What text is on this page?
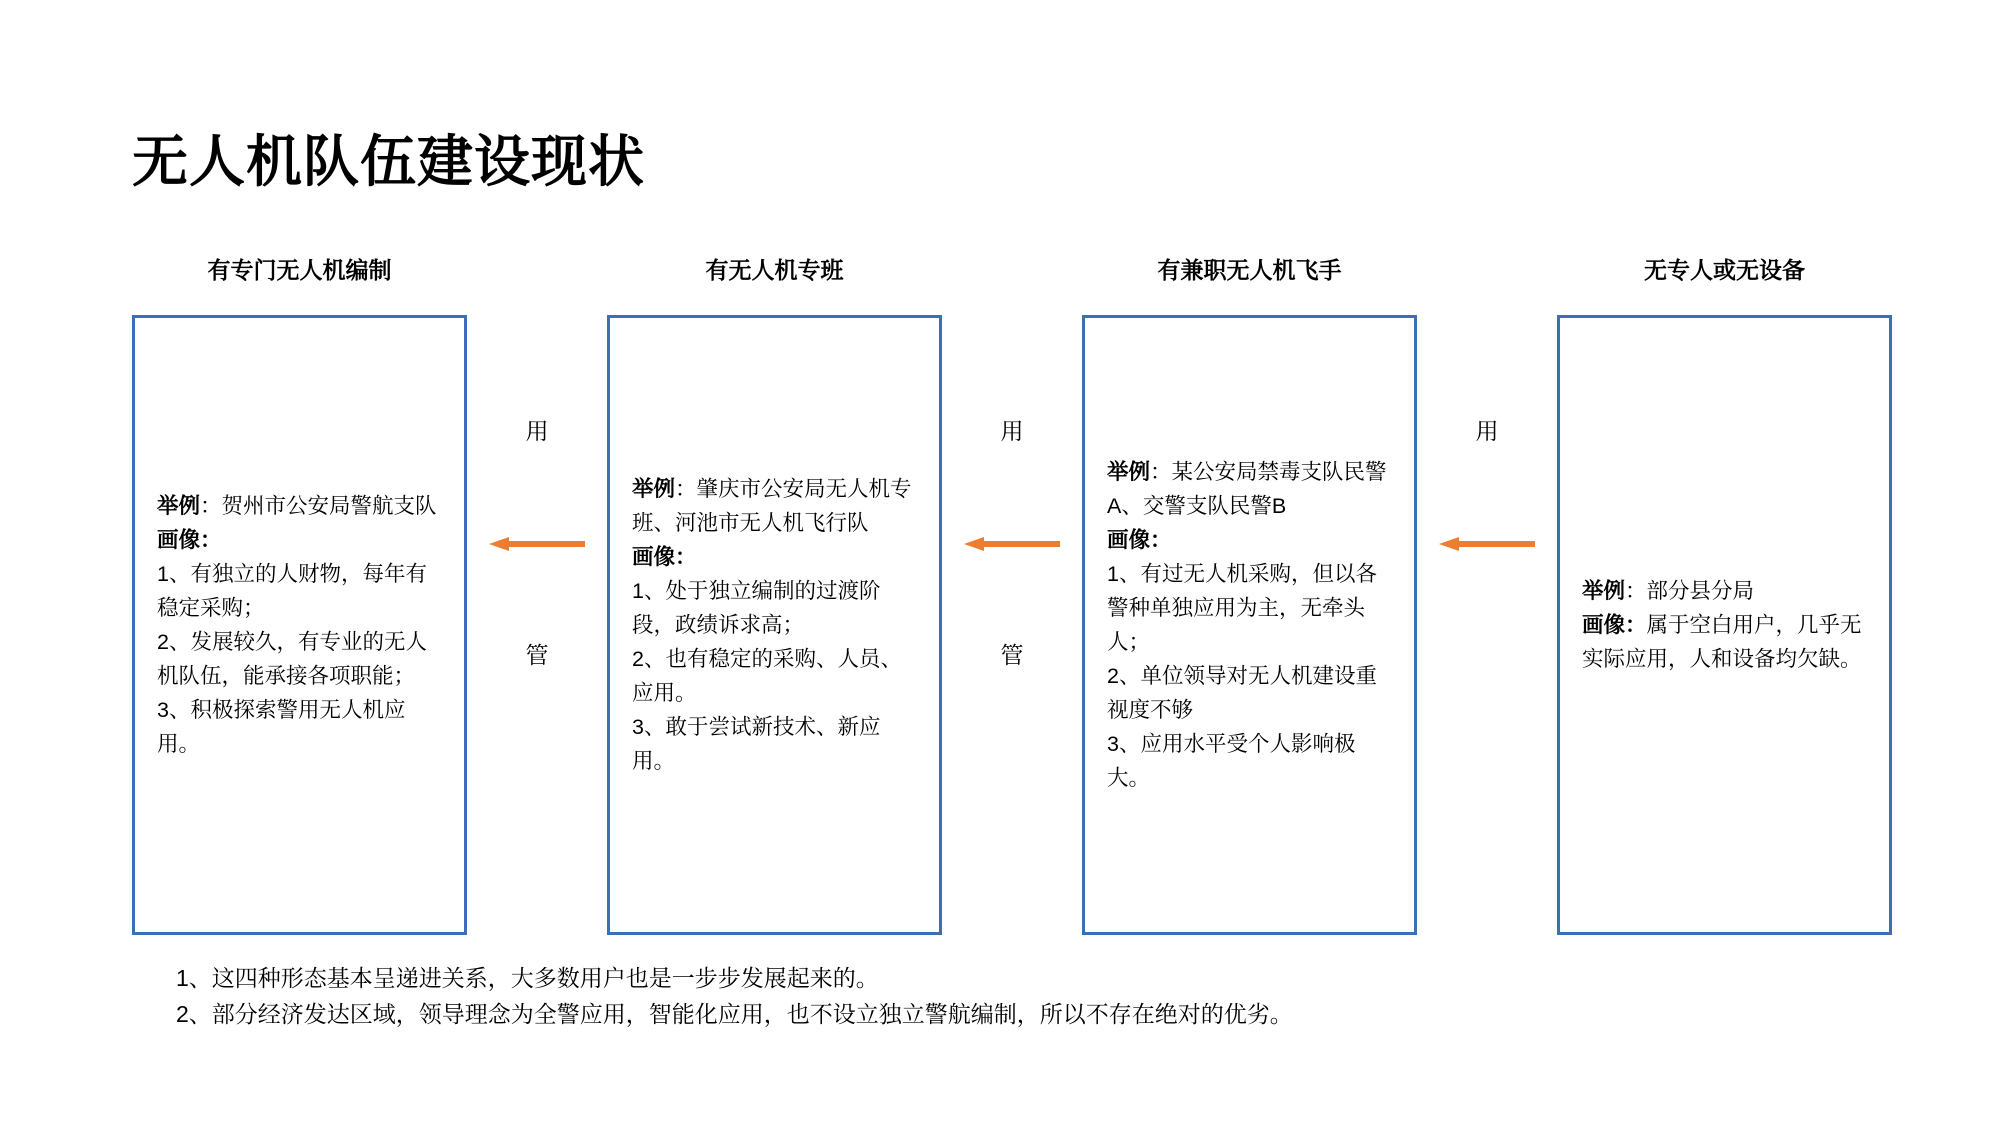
无人机队伍建设现状
有专门无人机编制
举例：贺州市公安局警航支队
画像：
1、有独立的人财物，每年有稳定采购；
2、发展较久，有专业的无人机队伍，能承接各项职能；
3、积极探索警用无人机应用。
用
管
有无人机专班
举例：肇庆市公安局无人机专班、河池市无人机飞行队
画像：
1、处于独立编制的过渡阶段，政绩诉求高；
2、也有稳定的采购、人员、应用。
3、敢于尝试新技术、新应用。
用
管
有兼职无人机飞手
举例：某公安局禁毒支队民警A、交警支队民警B
画像：
1、有过无人机采购，但以各警种单独应用为主，无牵头人；
2、单位领导对无人机建设重视度不够
3、应用水平受个人影响极大。
用
无专人或无设备
举例：部分县分局
画像：属于空白用户，几乎无实际应用，人和设备均欠缺。
1、这四种形态基本呈递进关系，大多数用户也是一步步发展起来的。
2、部分经济发达区域，领导理念为全警应用，智能化应用，也不设立独立警航编制，所以不存在绝对的优劣。
